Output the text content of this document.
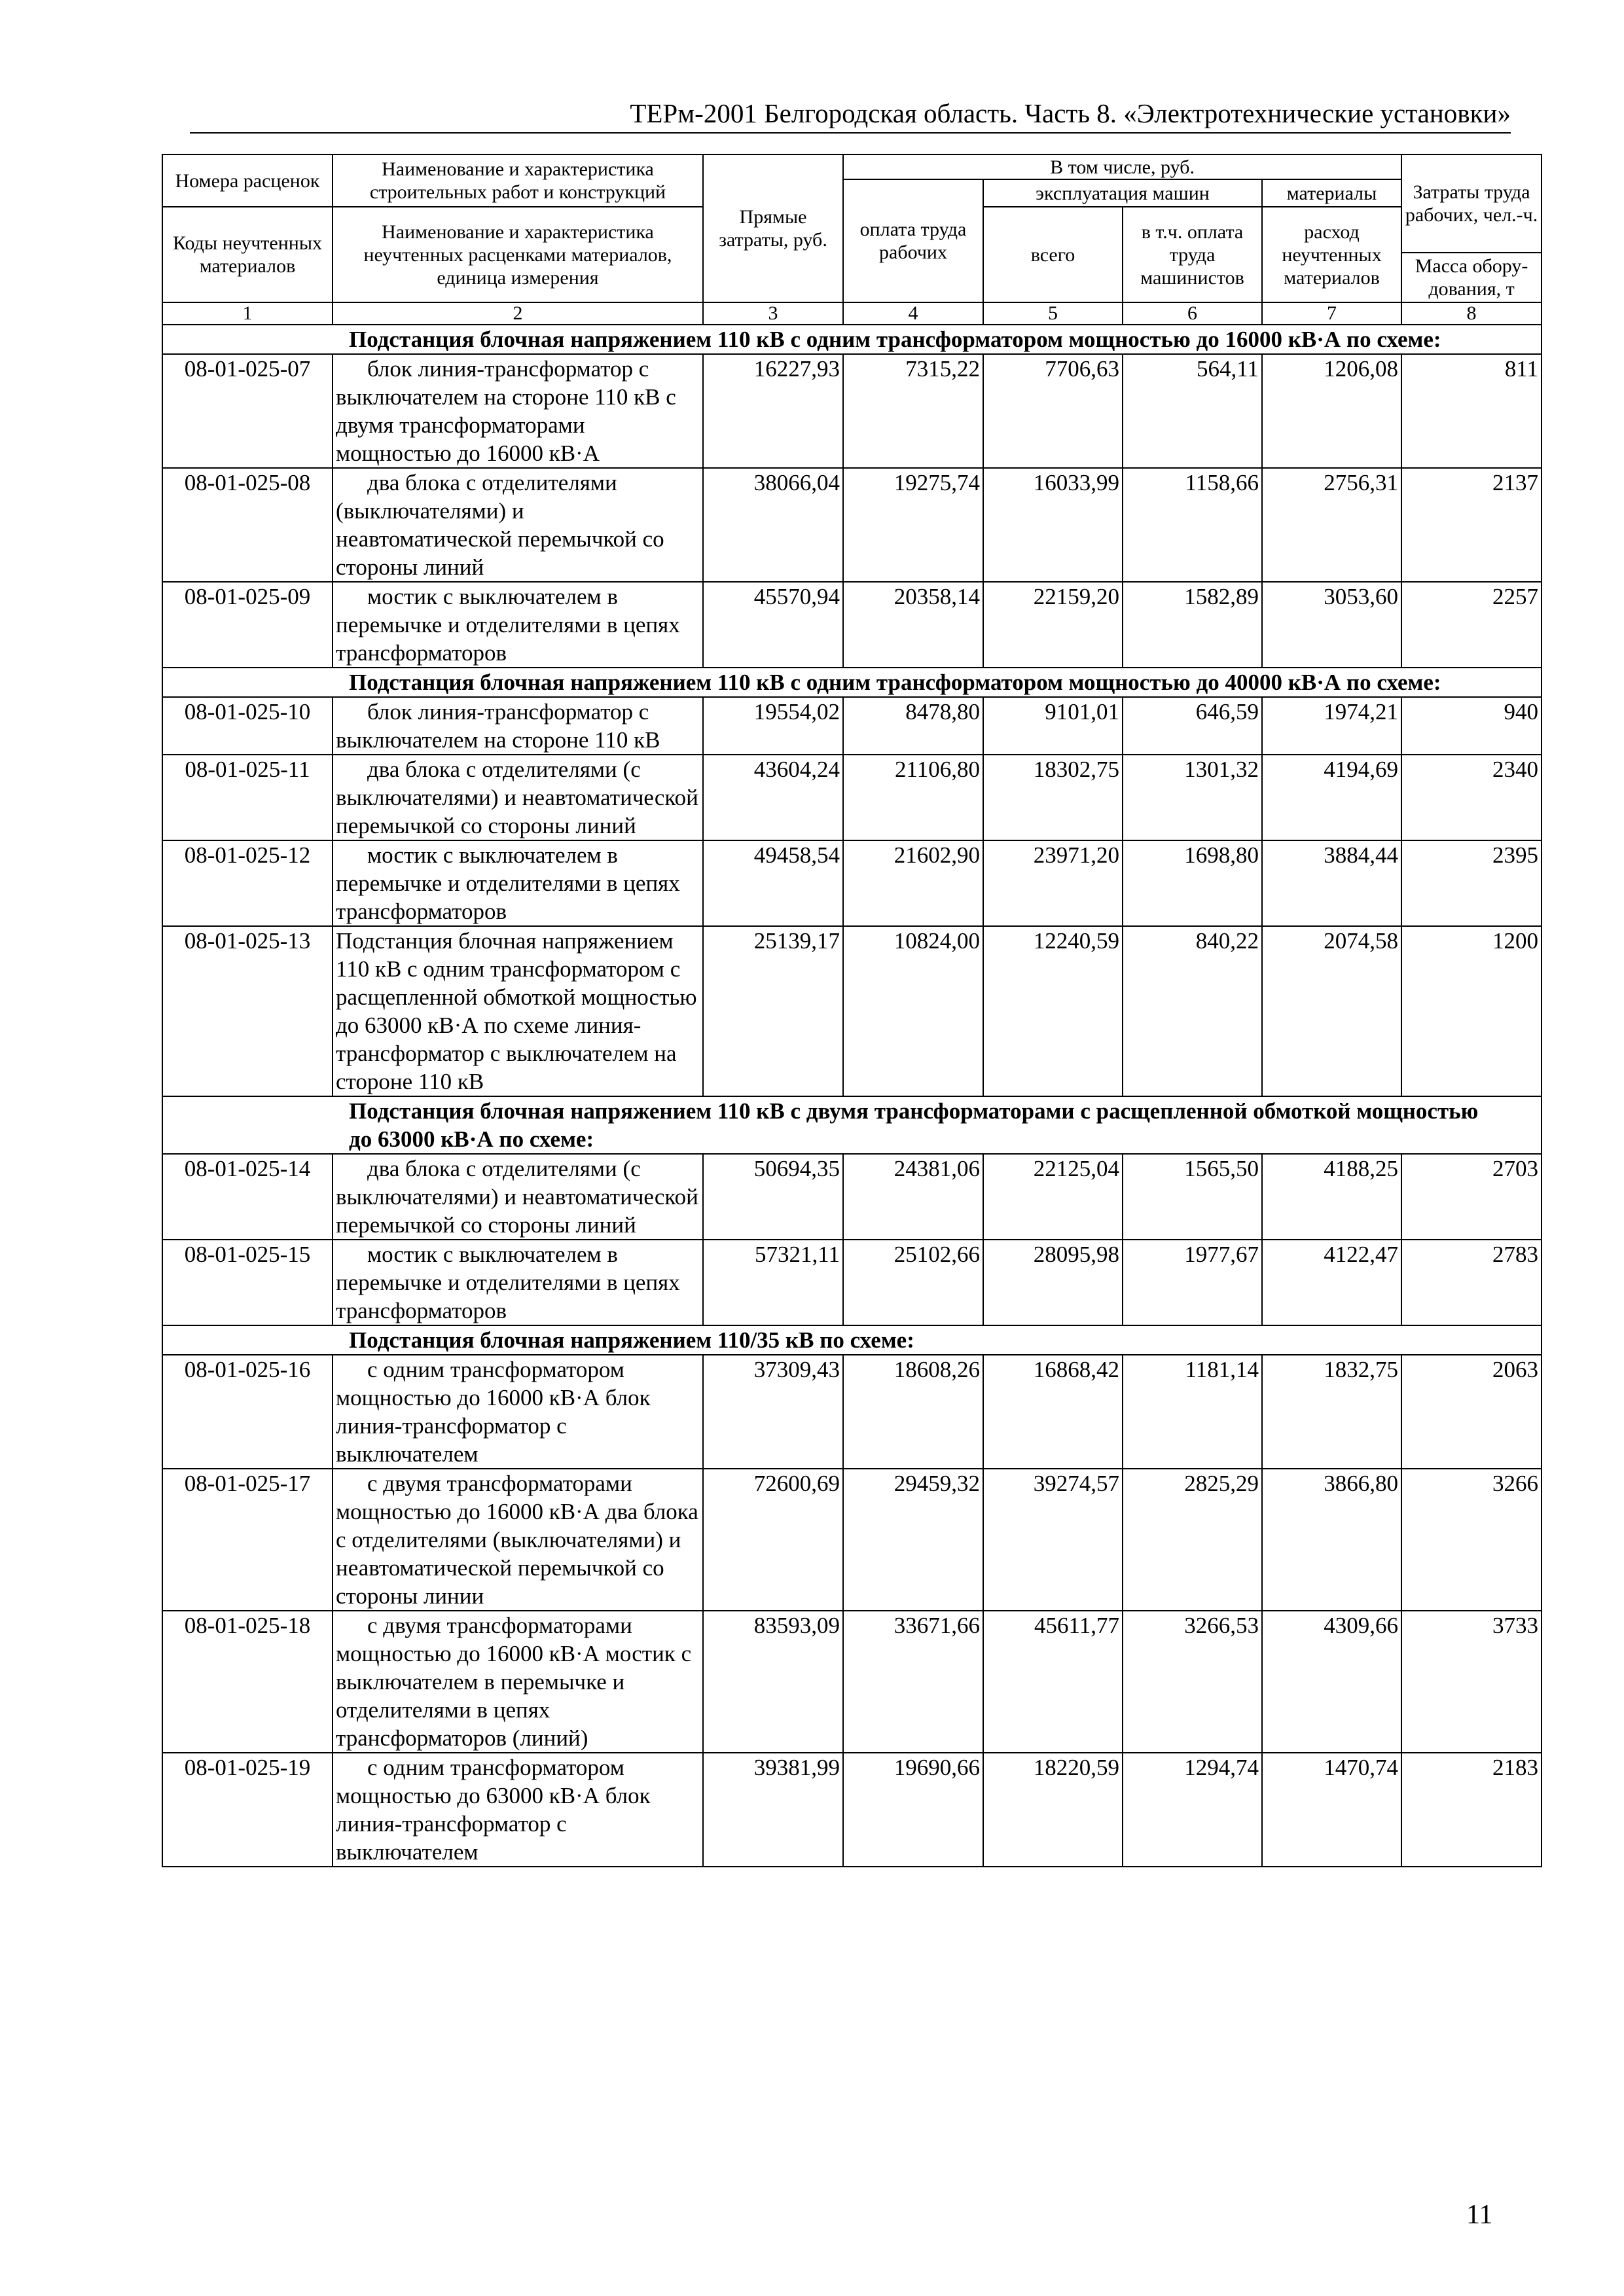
ТЕРм-2001 Белгородская область. Часть 8. «Электротехнические установки»
Номера расценок	Наименование и характеристика строительных работ и конструкций	Прямые затраты, руб.	В том числе, руб.				Затраты труда рабочих, чел.-ч.
			оплата труда рабочих	эксплуатация машин		материалы	
Коды неучтенных материалов	Наименование и характеристика неучтенных расценками материалов, единица измерения			всего	в т.ч. оплата труда машинистов	расход неучтенных материалов	

							Масса обору-дования, т
1	2	3	4	5	6	7	8
Подстанция блочная напряжением 110 кВ с одним трансформатором мощностью до 16000 кВ·А по схеме:							
08-01-025-07	блок линия-трансформатор с выключателем на стороне 110 кВ с двумя трансформаторами мощностью до 16000 кВ·А	16227,93	7315,22	7706,63	564,11	1206,08	811
08-01-025-08	два блока с отделителями (выключателями) и неавтоматической перемычкой со стороны линий	38066,04	19275,74	16033,99	1158,66	2756,31	2137
08-01-025-09	мостик с выключателем в перемычке и отделителями в цепях трансформаторов	45570,94	20358,14	22159,20	1582,89	3053,60	2257
Подстанция блочная напряжением 110 кВ с одним трансформатором мощностью до 40000 кВ·А по схеме:							
08-01-025-10	блок линия-трансформатор с выключателем на стороне 110 кВ	19554,02	8478,80	9101,01	646,59	1974,21	940
08-01-025-11	два блока с отделителями (с выключателями) и неавтоматической перемычкой со стороны линий	43604,24	21106,80	18302,75	1301,32	4194,69	2340
08-01-025-12	мостик с выключателем в перемычке и отделителями в цепях трансформаторов	49458,54	21602,90	23971,20	1698,80	3884,44	2395
08-01-025-13	Подстанция блочная напряжением 110 кВ с одним трансформатором с расщепленной обмоткой мощностью до 63000 кВ·А по схеме линия-трансформатор с выключателем на стороне 110 кВ	25139,17	10824,00	12240,59	840,22	2074,58	1200
Подстанция блочная напряжением 110 кВ с двумя трансформаторами с расщепленной обмоткой мощностью до 63000 кВ·А по схеме:							
08-01-025-14	два блока с отделителями (с выключателями) и неавтоматической перемычкой со стороны линий	50694,35	24381,06	22125,04	1565,50	4188,25	2703
08-01-025-15	мостик с выключателем в перемычке и отделителями в цепях трансформаторов	57321,11	25102,66	28095,98	1977,67	4122,47	2783
Подстанция блочная напряжением 110/35 кВ по схеме:							
08-01-025-16	с одним трансформатором мощностью до 16000 кВ·А блок линия-трансформатор с выключателем	37309,43	18608,26	16868,42	1181,14	1832,75	2063
08-01-025-17	с двумя трансформаторами мощностью до 16000 кВ·А два блока с отделителями (выключателями) и неавтоматической перемычкой со стороны линии	72600,69	29459,32	39274,57	2825,29	3866,80	3266
08-01-025-18	с двумя трансформаторами мощностью до 16000 кВ·А мостик с выключателем в перемычке и отделителями в цепях трансформаторов (линий)	83593,09	33671,66	45611,77	3266,53	4309,66	3733
08-01-025-19	с одним трансформатором мощностью до 63000 кВ·А блок линия-трансформатор с выключателем	39381,99	19690,66	18220,59	1294,74	1470,74	2183
11
